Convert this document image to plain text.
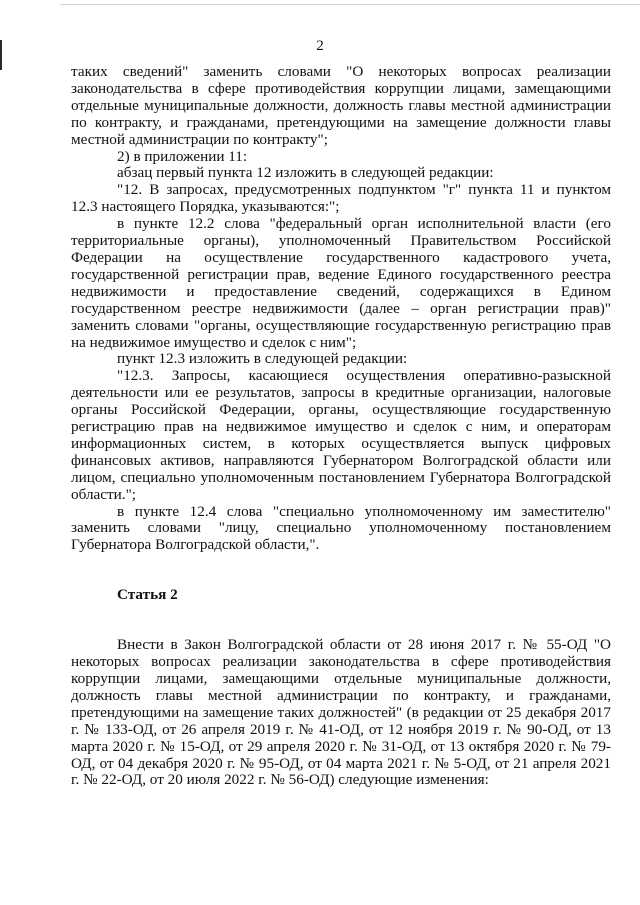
2

таких сведений" заменить словами "О некоторых вопросах реализации законодательства в сфере противодействия коррупции лицами, замещающими отдельные муниципальные должности, должность главы местной администрации по контракту, и гражданами, претендующими на замещение должности главы местной администрации по контракту";

2) в приложении 11:

абзац первый пункта 12 изложить в следующей редакции:

"12. В запросах, предусмотренных подпунктом "г" пункта 11 и пунктом 12.3 настоящего Порядка, указываются:";

в пункте 12.2 слова "федеральный орган исполнительной власти (его территориальные органы), уполномоченный Правительством Российской Федерации на осуществление государственного кадастрового учета, государственной регистрации прав, ведение Единого государственного реестра недвижимости и предоставление сведений, содержащихся в Едином государственном реестре недвижимости (далее – орган регистрации прав)" заменить словами "органы, осуществляющие государственную регистрацию прав на недвижимое имущество и сделок с ним";

пункт 12.3 изложить в следующей редакции:

"12.3. Запросы, касающиеся осуществления оперативно-разыскной деятельности или ее результатов, запросы в кредитные организации, налоговые органы Российской Федерации, органы, осуществляющие государственную регистрацию прав на недвижимое имущество и сделок с ним, и операторам информационных систем, в которых осуществляется выпуск цифровых финансовых активов, направляются Губернатором Волгоградской области или лицом, специально уполномоченным постановлением Губернатора Волгоградской области.";

в пункте 12.4 слова "специально уполномоченному им заместителю" заменить словами "лицу, специально уполномоченному постановлением Губернатора Волгоградской области,".

Статья 2

Внести в Закон Волгоградской области от 28 июня 2017 г. № 55-ОД "О некоторых вопросах реализации законодательства в сфере противодействия коррупции лицами, замещающими отдельные муниципальные должности, должность главы местной администрации по контракту, и гражданами, претендующими на замещение таких должностей" (в редакции от 25 декабря 2017 г. № 133-ОД, от 26 апреля 2019 г. № 41-ОД, от 12 ноября 2019 г. № 90-ОД, от 13 марта 2020 г. № 15-ОД, от 29 апреля 2020 г. № 31-ОД, от 13 октября 2020 г. № 79-ОД, от 04 декабря 2020 г. № 95-ОД, от 04 марта 2021 г. № 5-ОД, от 21 апреля 2021 г. № 22-ОД, от 20 июля 2022 г. № 56-ОД) следующие изменения:
